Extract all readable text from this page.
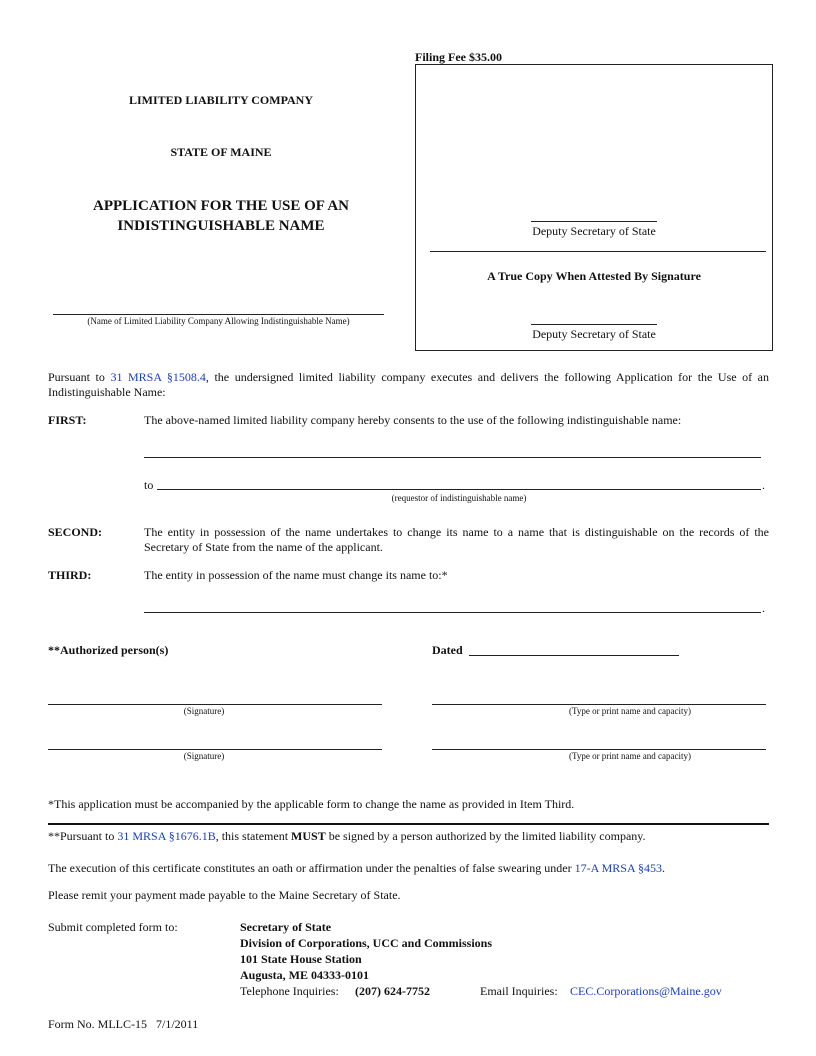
LIMITED LIABILITY COMPANY
STATE OF MAINE
APPLICATION FOR THE USE OF AN
INDISTINGUISHABLE NAME
(Name of Limited Liability Company Allowing Indistinguishable Name)
Filing Fee $35.00
Deputy Secretary of State
A True Copy When Attested By Signature
Deputy Secretary of State
Pursuant to 31 MRSA §1508.4, the undersigned limited liability company executes and delivers the following Application for the Use of an Indistinguishable Name:
FIRST:	The above-named limited liability company hereby consents to the use of the following indistinguishable name:
to	.
(requestor of indistinguishable name)
SECOND:	The entity in possession of the name undertakes to change its name to a name that is distinguishable on the records of the Secretary of State from the name of the applicant.
THIRD:	The entity in possession of the name must change its name to:*
.
**Authorized person(s)	Dated
(Signature)	(Type or print name and capacity)
(Signature)	(Type or print name and capacity)
*This application must be accompanied by the applicable form to change the name as provided in Item Third.
**Pursuant to 31 MRSA §1676.1B, this statement MUST be signed by a person authorized by the limited liability company.
The execution of this certificate constitutes an oath or affirmation under the penalties of false swearing under 17-A MRSA §453.
Please remit your payment made payable to the Maine Secretary of State.
Submit completed form to:	Secretary of State
Division of Corporations, UCC and Commissions
101 State House Station
Augusta, ME 04333-0101
Telephone Inquiries: (207) 624-7752	Email Inquiries: CEC.Corporations@Maine.gov
Form No. MLLC-15   7/1/2011
